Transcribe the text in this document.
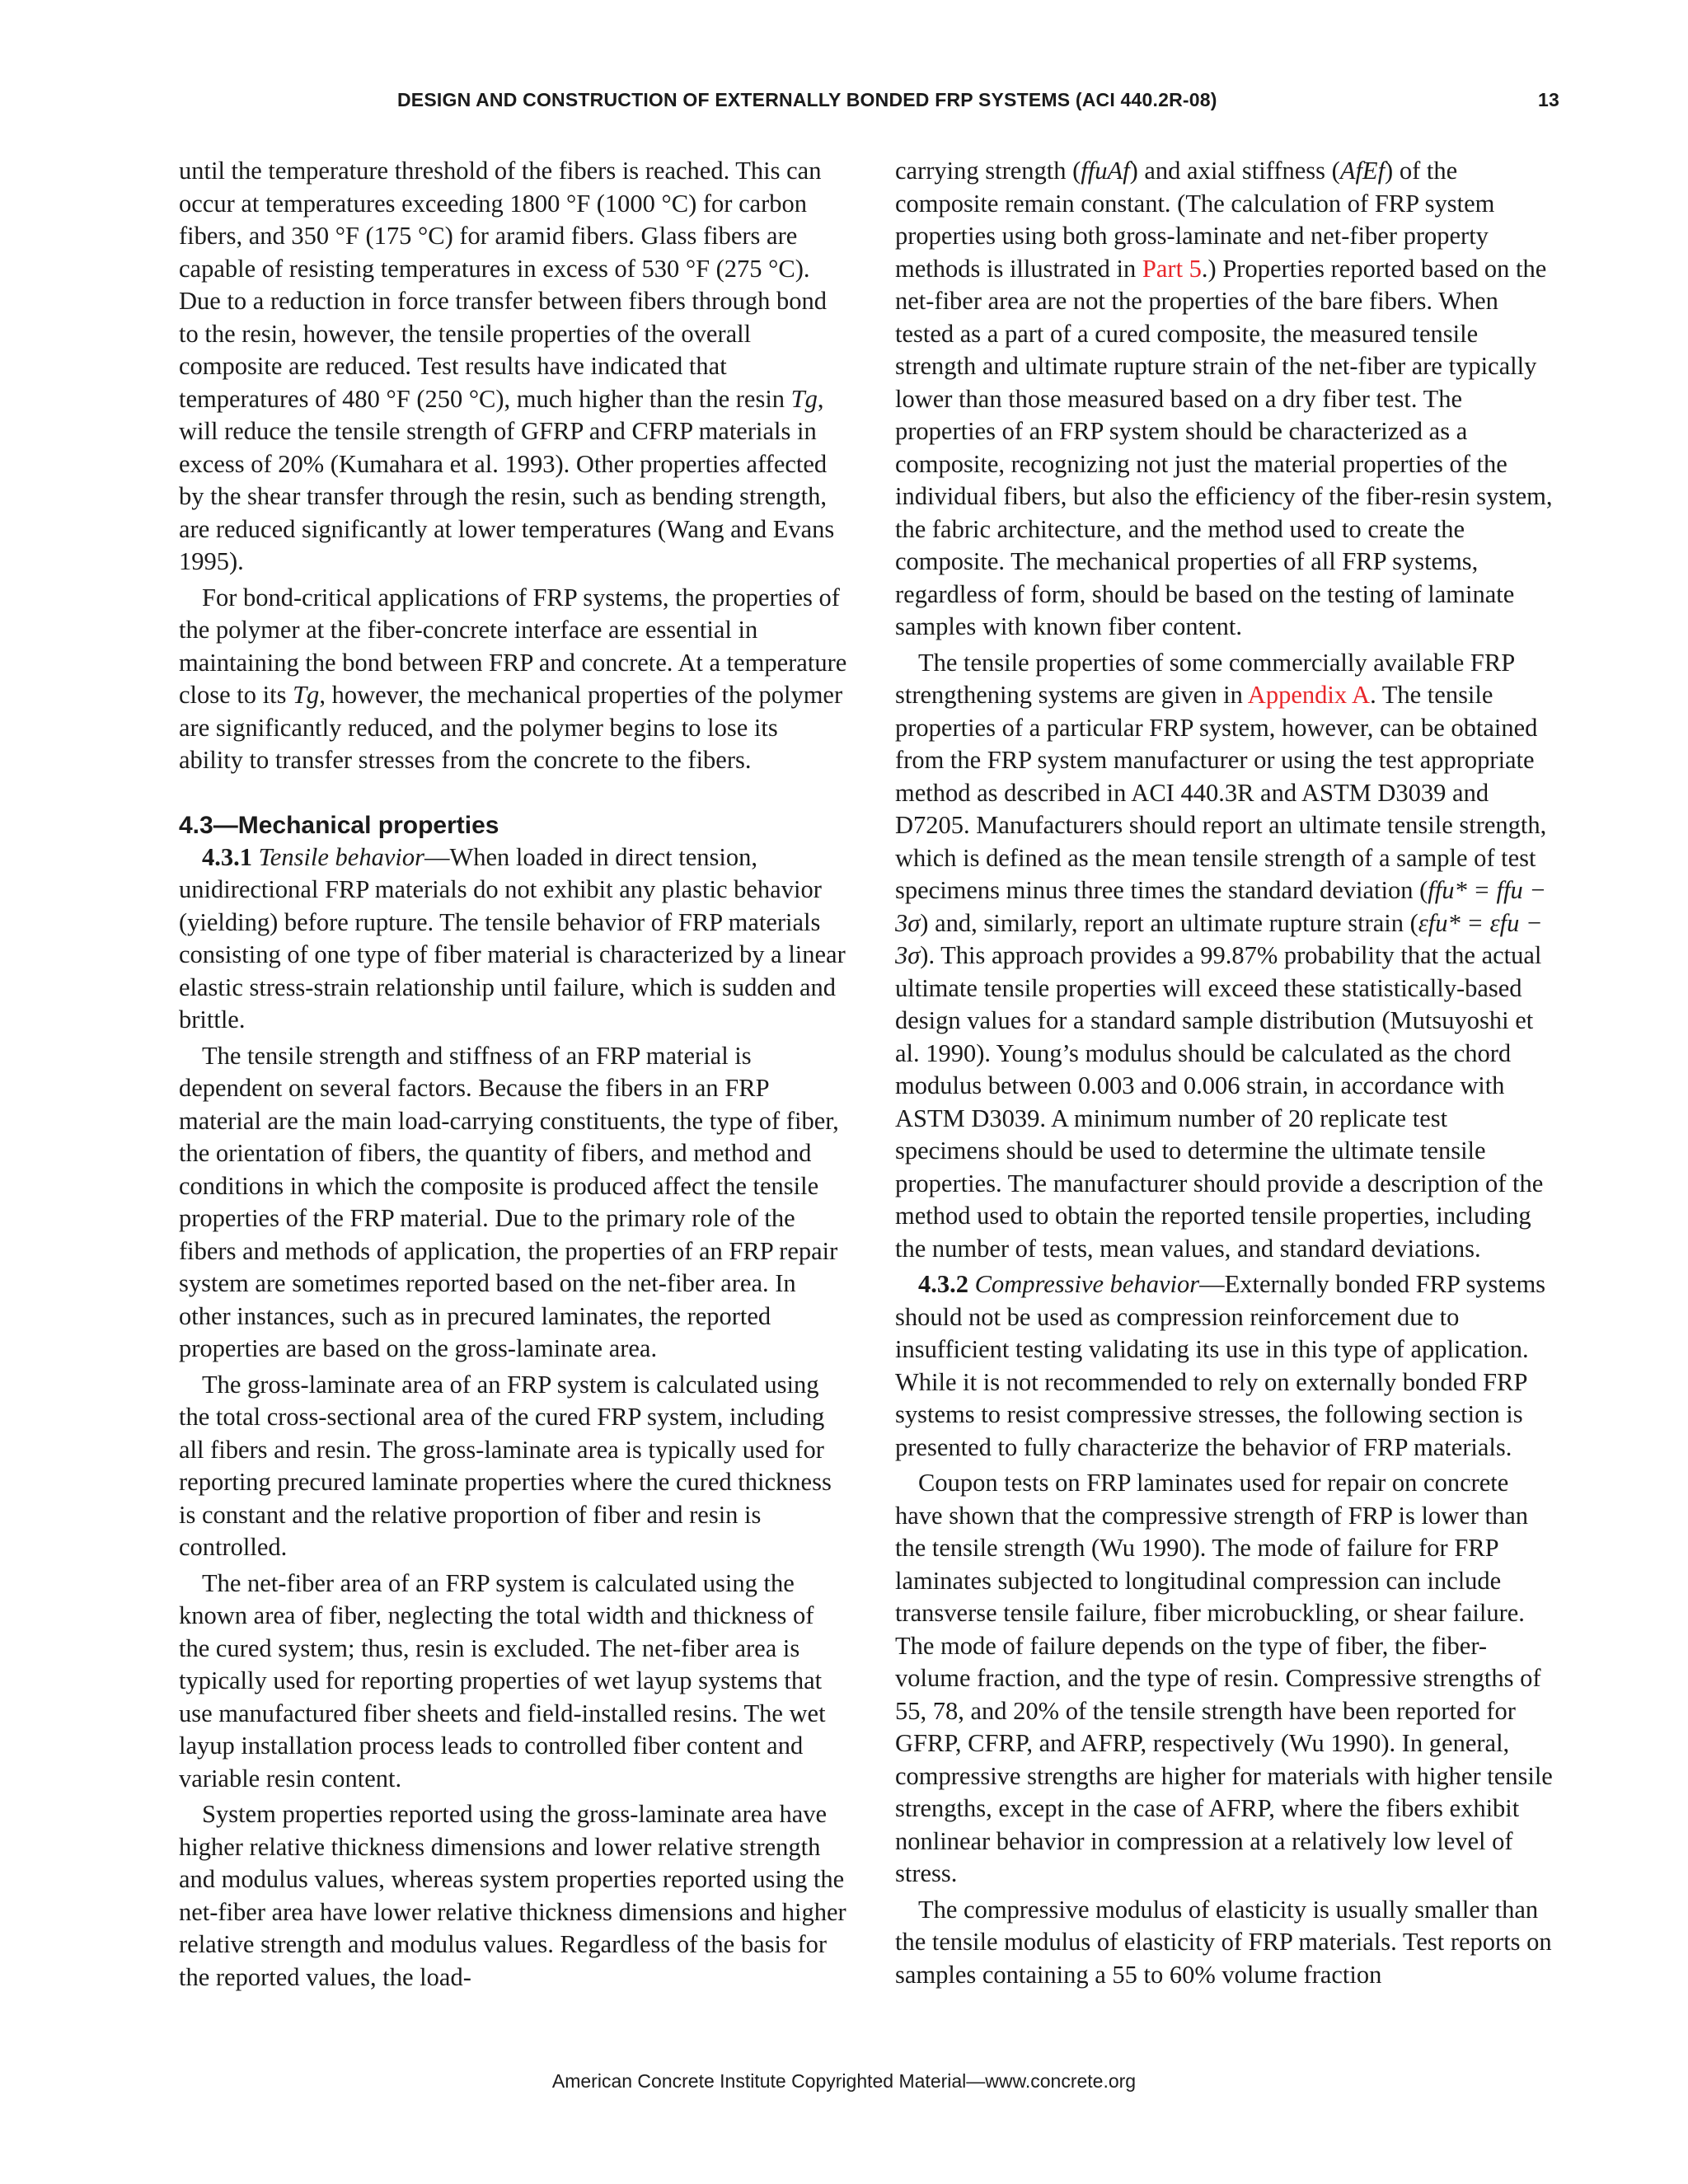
DESIGN AND CONSTRUCTION OF EXTERNALLY BONDED FRP SYSTEMS (ACI 440.2R-08)	13

until the temperature threshold of the fibers is reached. This can occur at temperatures exceeding 1800 °F (1000 °C) for carbon fibers, and 350 °F (175 °C) for aramid fibers. Glass fibers are capable of resisting temperatures in excess of 530 °F (275 °C). Due to a reduction in force transfer between fibers through bond to the resin, however, the tensile properties of the overall composite are reduced. Test results have indicated that temperatures of 480 °F (250 °C), much higher than the resin Tg, will reduce the tensile strength of GFRP and CFRP materials in excess of 20% (Kumahara et al. 1993). Other properties affected by the shear transfer through the resin, such as bending strength, are reduced significantly at lower temperatures (Wang and Evans 1995).

For bond-critical applications of FRP systems, the properties of the polymer at the fiber-concrete interface are essential in maintaining the bond between FRP and concrete. At a temperature close to its Tg, however, the mechanical properties of the polymer are significantly reduced, and the polymer begins to lose its ability to transfer stresses from the concrete to the fibers.

4.3—Mechanical properties

4.3.1 Tensile behavior—When loaded in direct tension, unidirectional FRP materials do not exhibit any plastic behavior (yielding) before rupture. The tensile behavior of FRP materials consisting of one type of fiber material is characterized by a linear elastic stress-strain relationship until failure, which is sudden and brittle.

The tensile strength and stiffness of an FRP material is dependent on several factors. Because the fibers in an FRP material are the main load-carrying constituents, the type of fiber, the orientation of fibers, the quantity of fibers, and method and conditions in which the composite is produced affect the tensile properties of the FRP material. Due to the primary role of the fibers and methods of application, the properties of an FRP repair system are sometimes reported based on the net-fiber area. In other instances, such as in precured laminates, the reported properties are based on the gross-laminate area.

The gross-laminate area of an FRP system is calculated using the total cross-sectional area of the cured FRP system, including all fibers and resin. The gross-laminate area is typically used for reporting precured laminate properties where the cured thickness is constant and the relative proportion of fiber and resin is controlled.

The net-fiber area of an FRP system is calculated using the known area of fiber, neglecting the total width and thickness of the cured system; thus, resin is excluded. The net-fiber area is typically used for reporting properties of wet layup systems that use manufactured fiber sheets and field-installed resins. The wet layup installation process leads to controlled fiber content and variable resin content.

System properties reported using the gross-laminate area have higher relative thickness dimensions and lower relative strength and modulus values, whereas system properties reported using the net-fiber area have lower relative thickness dimensions and higher relative strength and modulus values. Regardless of the basis for the reported values, the load-

carrying strength (ffuAf) and axial stiffness (AfEf) of the composite remain constant. (The calculation of FRP system properties using both gross-laminate and net-fiber property methods is illustrated in Part 5.) Properties reported based on the net-fiber area are not the properties of the bare fibers. When tested as a part of a cured composite, the measured tensile strength and ultimate rupture strain of the net-fiber are typically lower than those measured based on a dry fiber test. The properties of an FRP system should be characterized as a composite, recognizing not just the material properties of the individual fibers, but also the efficiency of the fiber-resin system, the fabric architecture, and the method used to create the composite. The mechanical properties of all FRP systems, regardless of form, should be based on the testing of laminate samples with known fiber content.

The tensile properties of some commercially available FRP strengthening systems are given in Appendix A. The tensile properties of a particular FRP system, however, can be obtained from the FRP system manufacturer or using the test appropriate method as described in ACI 440.3R and ASTM D3039 and D7205. Manufacturers should report an ultimate tensile strength, which is defined as the mean tensile strength of a sample of test specimens minus three times the standard deviation (ffu* = ffu − 3σ) and, similarly, report an ultimate rupture strain (εfu* = εfu − 3σ). This approach provides a 99.87% probability that the actual ultimate tensile properties will exceed these statistically-based design values for a standard sample distribution (Mutsuyoshi et al. 1990). Young’s modulus should be calculated as the chord modulus between 0.003 and 0.006 strain, in accordance with ASTM D3039. A minimum number of 20 replicate test specimens should be used to determine the ultimate tensile properties. The manufacturer should provide a description of the method used to obtain the reported tensile properties, including the number of tests, mean values, and standard deviations.

4.3.2 Compressive behavior—Externally bonded FRP systems should not be used as compression reinforcement due to insufficient testing validating its use in this type of application. While it is not recommended to rely on externally bonded FRP systems to resist compressive stresses, the following section is presented to fully characterize the behavior of FRP materials.

Coupon tests on FRP laminates used for repair on concrete have shown that the compressive strength of FRP is lower than the tensile strength (Wu 1990). The mode of failure for FRP laminates subjected to longitudinal compression can include transverse tensile failure, fiber microbuckling, or shear failure. The mode of failure depends on the type of fiber, the fiber-volume fraction, and the type of resin. Compressive strengths of 55, 78, and 20% of the tensile strength have been reported for GFRP, CFRP, and AFRP, respectively (Wu 1990). In general, compressive strengths are higher for materials with higher tensile strengths, except in the case of AFRP, where the fibers exhibit nonlinear behavior in compression at a relatively low level of stress.

The compressive modulus of elasticity is usually smaller than the tensile modulus of elasticity of FRP materials. Test reports on samples containing a 55 to 60% volume fraction

American Concrete Institute Copyrighted Material—www.concrete.org
